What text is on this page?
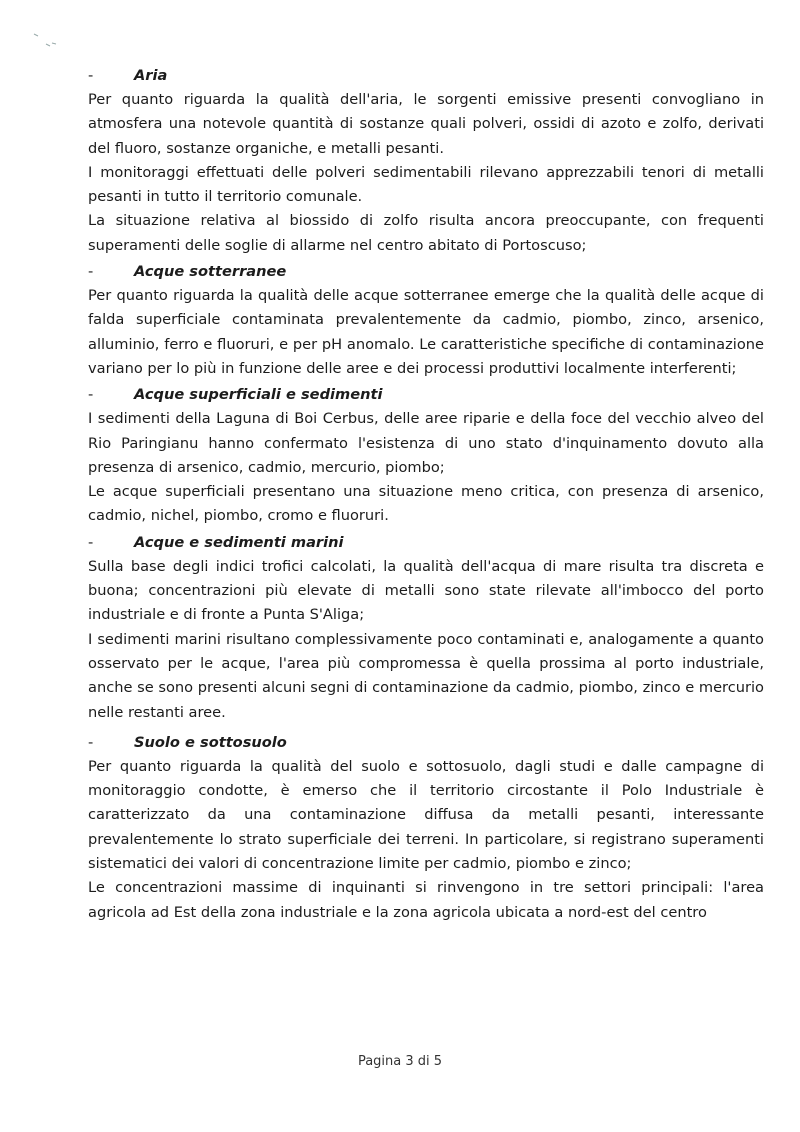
-	Aria

Per quanto riguarda la qualità dell'aria, le sorgenti emissive presenti convogliano in atmosfera una notevole quantità di sostanze quali polveri, ossidi di azoto e zolfo, derivati del fluoro, sostanze organiche, e metalli pesanti.

I monitoraggi effettuati delle polveri sedimentabili rilevano apprezzabili tenori di metalli pesanti in tutto il territorio comunale.

La situazione relativa al biossido di zolfo risulta ancora preoccupante, con frequenti superamenti delle soglie di allarme nel centro abitato di Portoscuso;

-	Acque sotterranee

Per quanto riguarda la qualità delle acque sotterranee emerge che la qualità delle acque di falda superficiale contaminata prevalentemente da cadmio, piombo, zinco, arsenico, alluminio, ferro e fluoruri, e per pH anomalo. Le caratteristiche specifiche di contaminazione variano per lo più in funzione delle aree e dei processi produttivi localmente interferenti;

-	Acque superficiali e sedimenti

I sedimenti della Laguna di Boi Cerbus, delle aree riparie e della foce del vecchio alveo del Rio Paringianu hanno confermato l'esistenza di uno stato d'inquinamento dovuto alla presenza di arsenico, cadmio, mercurio, piombo;

Le acque superficiali presentano una situazione meno critica, con presenza di arsenico, cadmio, nichel, piombo, cromo e fluoruri.

-	Acque e sedimenti marini

Sulla base degli indici trofici calcolati, la qualità dell'acqua di mare risulta tra discreta e buona; concentrazioni più elevate di metalli sono state rilevate all'imbocco del porto industriale e di fronte a Punta S'Aliga;

I sedimenti marini risultano complessivamente poco contaminati e, analogamente a quanto osservato per le acque, l'area più compromessa è quella prossima al porto industriale, anche se sono presenti alcuni segni di contaminazione da cadmio, piombo, zinco e mercurio nelle restanti aree.

-	Suolo e sottosuolo

Per quanto riguarda la qualità del suolo e sottosuolo, dagli studi e dalle campagne di monitoraggio condotte, è emerso che il territorio circostante il Polo Industriale è caratterizzato da una contaminazione diffusa da metalli pesanti, interessante prevalentemente lo strato superficiale dei terreni. In particolare, si registrano superamenti sistematici dei valori di concentrazione limite per cadmio, piombo e zinco;

Le concentrazioni massime di inquinanti si rinvengono in tre settori principali: l'area agricola ad Est della zona industriale e la zona agricola ubicata a nord-est del centro

Pagina 3 di 5
